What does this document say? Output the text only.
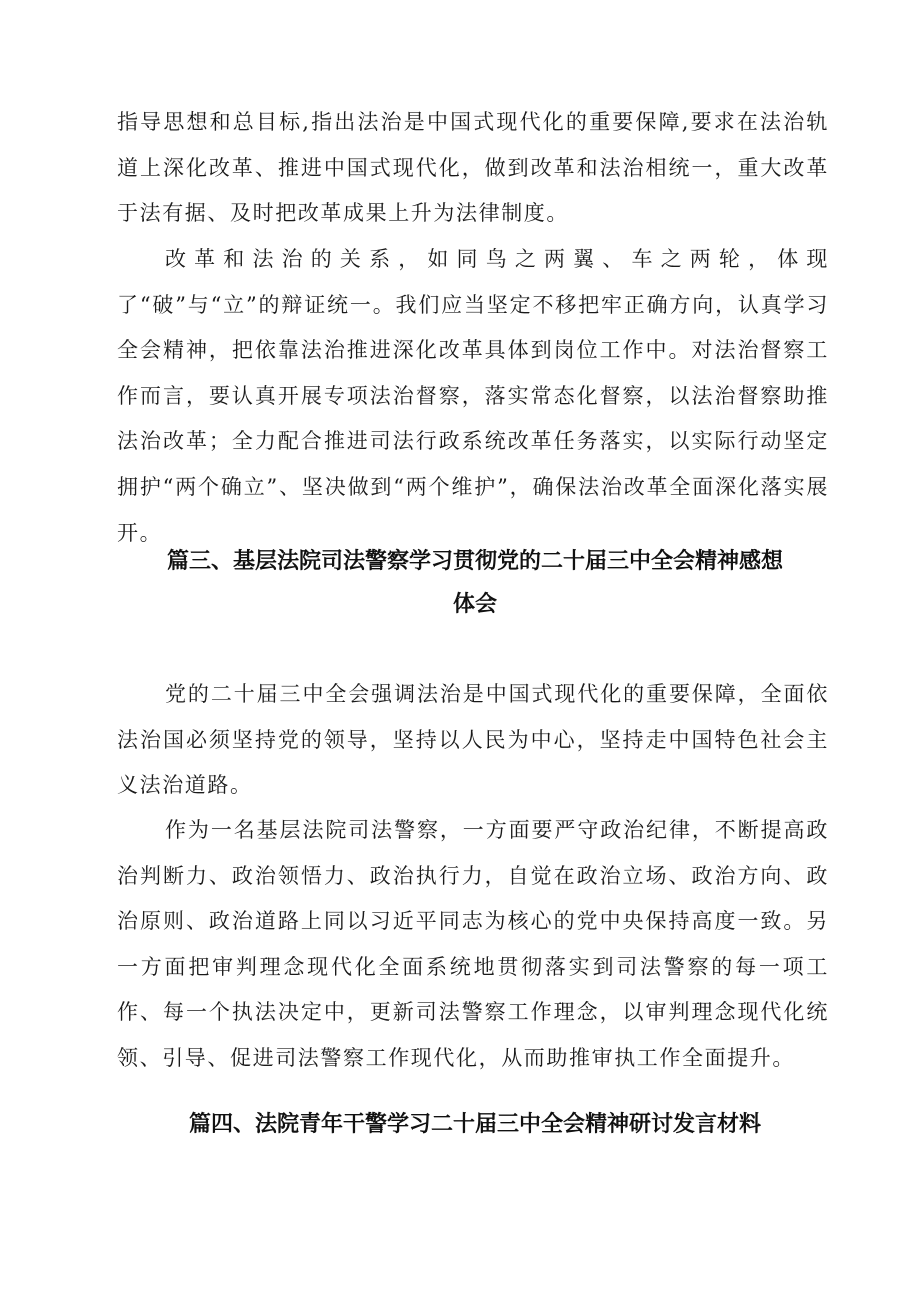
指导思想和总目标,指出法治是中国式现代化的重要保障,要求在法治轨道上深化改革、推进中国式现代化，做到改革和法治相统一，重大改革于法有据、及时把改革成果上升为法律制度。

改革和法治的关系，如同鸟之两翼、车之两轮，体现了“破”与“立”的辩证统一。我们应当坚定不移把牢正确方向，认真学习全会精神，把依靠法治推进深化改革具体到岗位工作中。对法治督察工作而言，要认真开展专项法治督察，落实常态化督察，以法治督察助推法治改革；全力配合推进司法行政系统改革任务落实，以实际行动坚定拥护“两个确立”、坚决做到“两个维护”，确保法治改革全面深化落实展开。

篇三、基层法院司法警察学习贯彻党的二十届三中全会精神感想体会

党的二十届三中全会强调法治是中国式现代化的重要保障，全面依法治国必须坚持党的领导，坚持以人民为中心，坚持走中国特色社会主义法治道路。

作为一名基层法院司法警察，一方面要严守政治纪律，不断提高政治判断力、政治领悟力、政治执行力，自觉在政治立场、政治方向、政治原则、政治道路上同以习近平同志为核心的党中央保持高度一致。另一方面把审判理念现代化全面系统地贯彻落实到司法警察的每一项工作、每一个执法决定中，更新司法警察工作理念，以审判理念现代化统领、引导、促进司法警察工作现代化，从而助推审执工作全面提升。

篇四、法院青年干警学习二十届三中全会精神研讨发言材料
